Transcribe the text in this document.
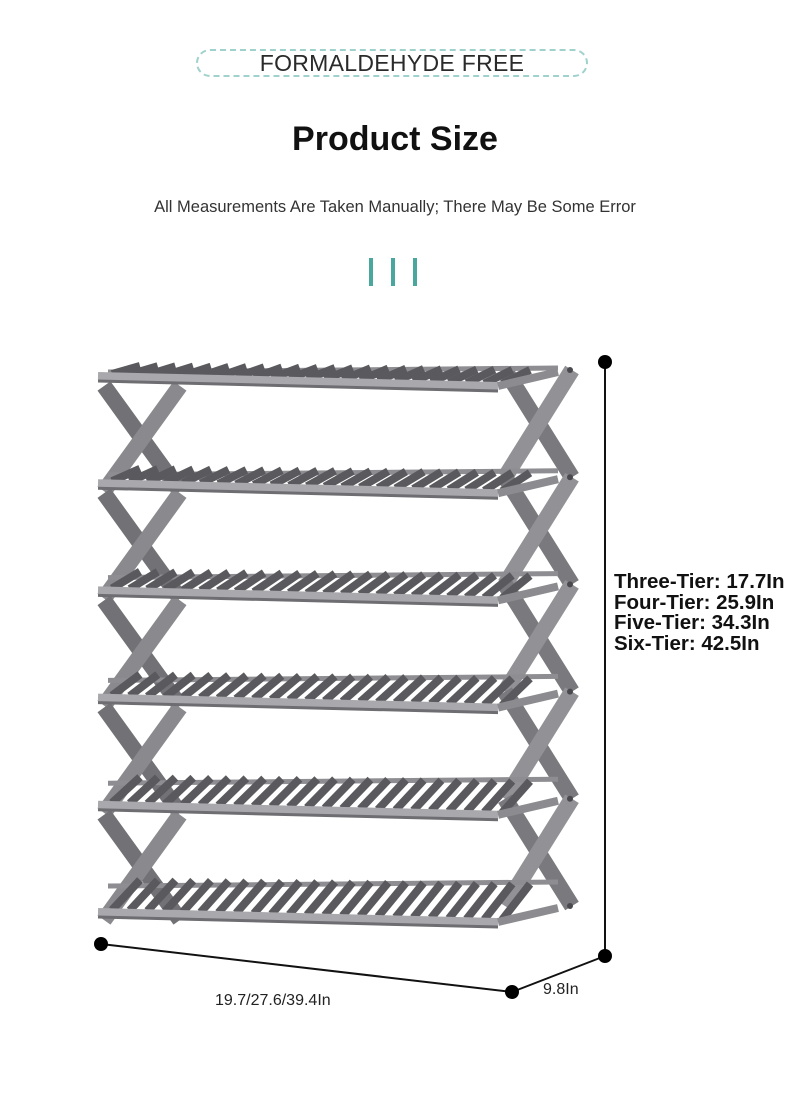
FORMALDEHYDE FREE
Product Size
All Measurements Are Taken Manually; There May Be Some Error
Three-Tier: 17.7In Four-Tier: 25.9In Five-Tier: 34.3In Six-Tier: 42.5In
19.7/27.6/39.4In
9.8In
